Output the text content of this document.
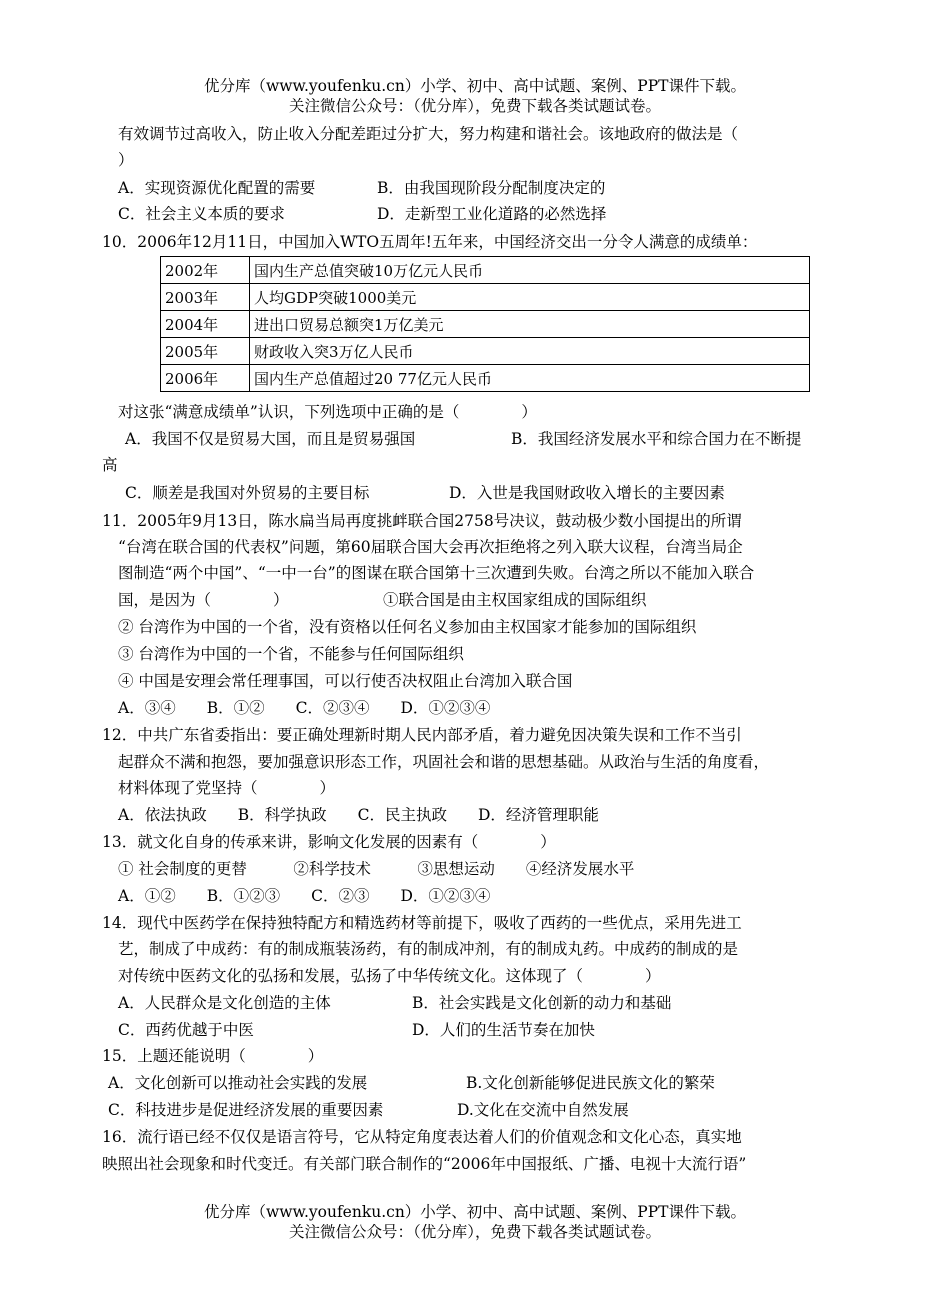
优分库（www.youfenku.cn）小学、初中、高中试题、案例、PPT课件下载。
关注微信公众号：（优分库），免费下载各类试题试卷。
有效调节过高收入，防止收入分配差距过分扩大，努力构建和谐社会。该地政府的做法是（
）
A．实现资源优化配置的需要	B．由我国现阶段分配制度决定的
C．社会主义本质的要求	D．走新型工业化道路的必然选择
10．2006年12月11日，中国加入WTO五周年!五年来，中国经济交出一分令人满意的成绩单：
2002年	国内生产总值突破10万亿元人民币
2003年	人均GDP突破1000美元
2004年	进出口贸易总额突1万亿美元
2005年	财政收入突3万亿人民币
2006年	国内生产总值超过20 77亿元人民币
对这张“满意成绩单”认识，下列选项中正确的是（　　　　）
A．我国不仅是贸易大国，而且是贸易强国	B．我国经济发展水平和综合国力在不断提
高
C．顺差是我国对外贸易的主要目标	D．入世是我国财政收入增长的主要因素
11．2005年9月13日，陈水扁当局再度挑衅联合国2758号决议，鼓动极少数小国提出的所谓
“台湾在联合国的代表权”问题，第60届联合国大会再次拒绝将之列入联大议程，台湾当局企
图制造“两个中国”、“一中一台”的图谋在联合国第十三次遭到失败。台湾之所以不能加入联合
国，是因为（　　　　）	①联合国是由主权国家组成的国际组织
② 台湾作为中国的一个省，没有资格以任何名义参加由主权国家才能参加的国际组织
③ 台湾作为中国的一个省，不能参与任何国际组织
④ 中国是安理会常任理事国，可以行使否决权阻止台湾加入联合国
A．③④　　B．①②　　C．②③④　　D．①②③④
12．中共广东省委指出：要正确处理新时期人民内部矛盾，着力避免因决策失误和工作不当引
起群众不满和抱怨，要加强意识形态工作，巩固社会和谐的思想基础。从政治与生活的角度看，
材料体现了党坚持（　　　　）
A．依法执政　　B．科学执政　　C．民主执政　　D．经济管理职能
13．就文化自身的传承来讲，影响文化发展的因素有（　　　　）
① 社会制度的更替　　　②科学技术　　　③思想运动　　④经济发展水平
A．①②　　B．①②③　　C．②③　　D．①②③④
14．现代中医药学在保持独特配方和精选药材等前提下，吸收了西药的一些优点，采用先进工
艺，制成了中成药：有的制成瓶装汤药，有的制成冲剂，有的制成丸药。中成药的制成的是
对传统中医药文化的弘扬和发展，弘扬了中华传统文化。这体现了（　　　　）
A．人民群众是文化创造的主体	B．社会实践是文化创新的动力和基础
C．西药优越于中医	D．人们的生活节奏在加快
15．上题还能说明（　　　　）
A．文化创新可以推动社会实践的发展	B.文化创新能够促进民族文化的繁荣
C．科技进步是促进经济发展的重要因素	D.文化在交流中自然发展
16．流行语已经不仅仅是语言符号，它从特定角度表达着人们的价值观念和文化心态，真实地
映照出社会现象和时代变迁。有关部门联合制作的“2006年中国报纸、广播、电视十大流行语”
优分库（www.youfenku.cn）小学、初中、高中试题、案例、PPT课件下载。
关注微信公众号：（优分库），免费下载各类试题试卷。
